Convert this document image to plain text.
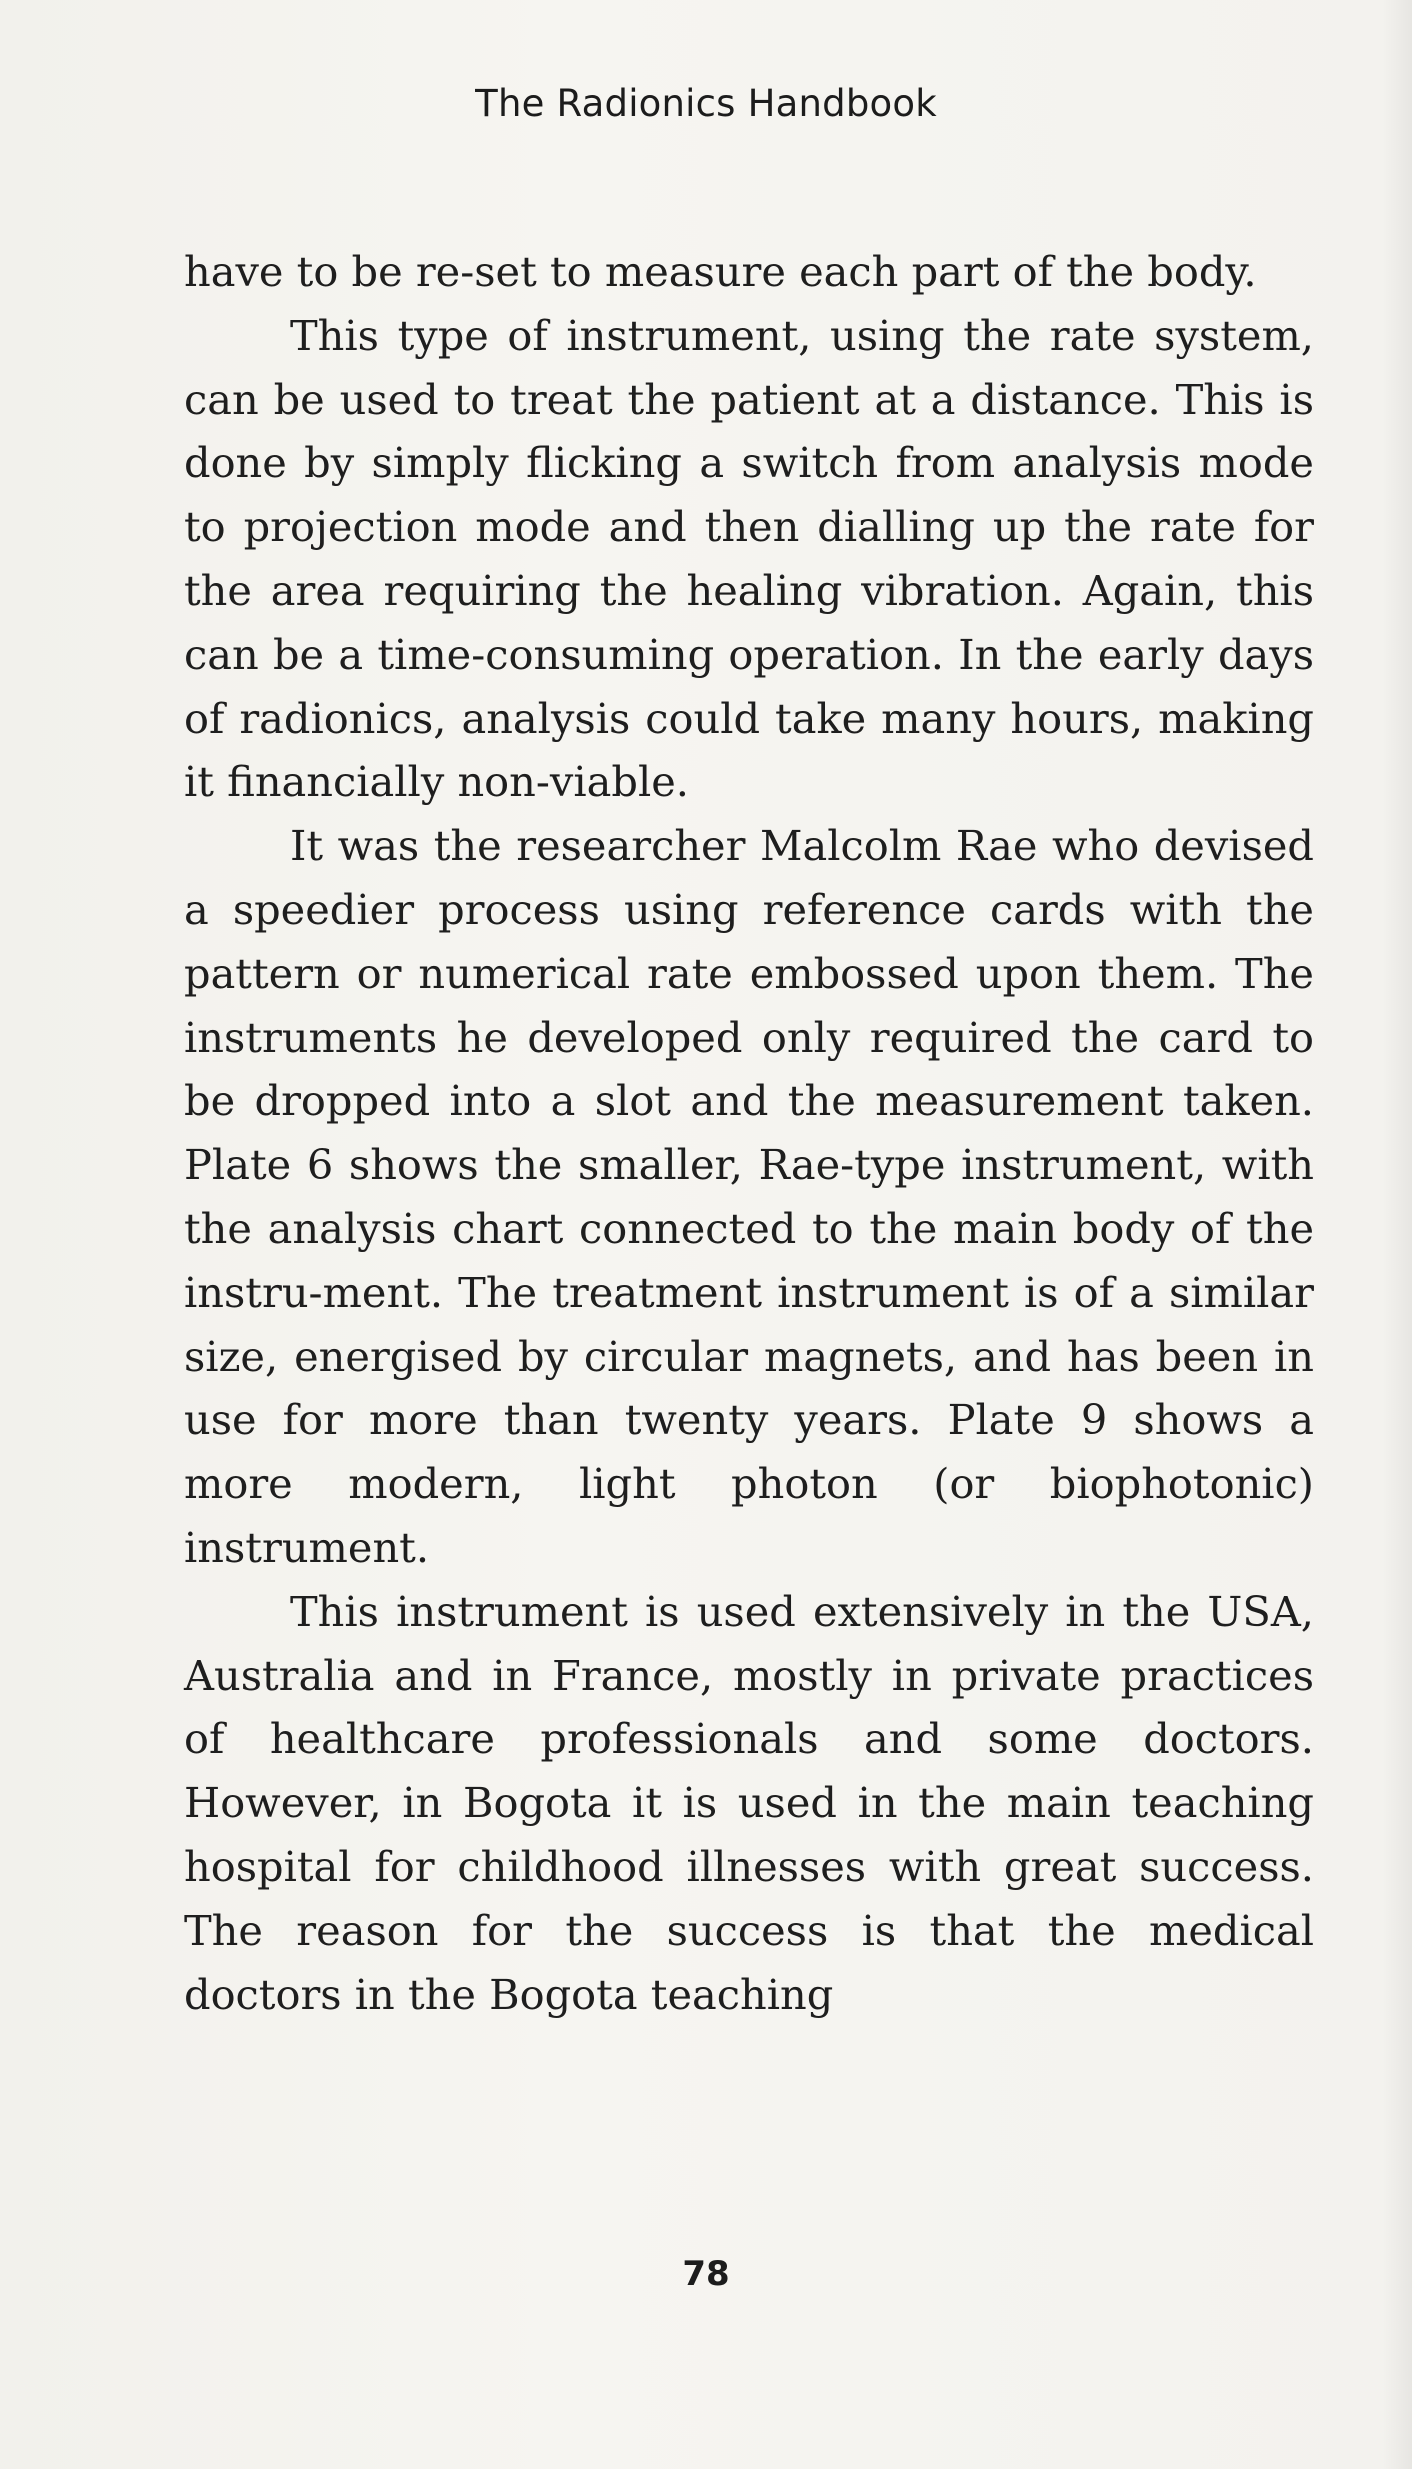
The Radionics Handbook

have to be re-set to measure each part of the body.

This type of instrument, using the rate system, can be used to treat the patient at a distance. This is done by simply flicking a switch from analysis mode to projection mode and then dialling up the rate for the area requiring the healing vibration. Again, this can be a time-consuming operation. In the early days of radionics, analysis could take many hours, making it financially non-viable.

It was the researcher Malcolm Rae who devised a speedier process using reference cards with the pattern or numerical rate embossed upon them. The instruments he developed only required the card to be dropped into a slot and the measurement taken. Plate 6 shows the smaller, Rae-type instrument, with the analysis chart connected to the main body of the instru-ment. The treatment instrument is of a similar size, energised by circular magnets, and has been in use for more than twenty years. Plate 9 shows a more modern, light photon (or biophotonic) instrument.

This instrument is used extensively in the USA, Australia and in France, mostly in private practices of healthcare professionals and some doctors. However, in Bogota it is used in the main teaching hospital for childhood illnesses with great success. The reason for the success is that the medical doctors in the Bogota teaching

78
